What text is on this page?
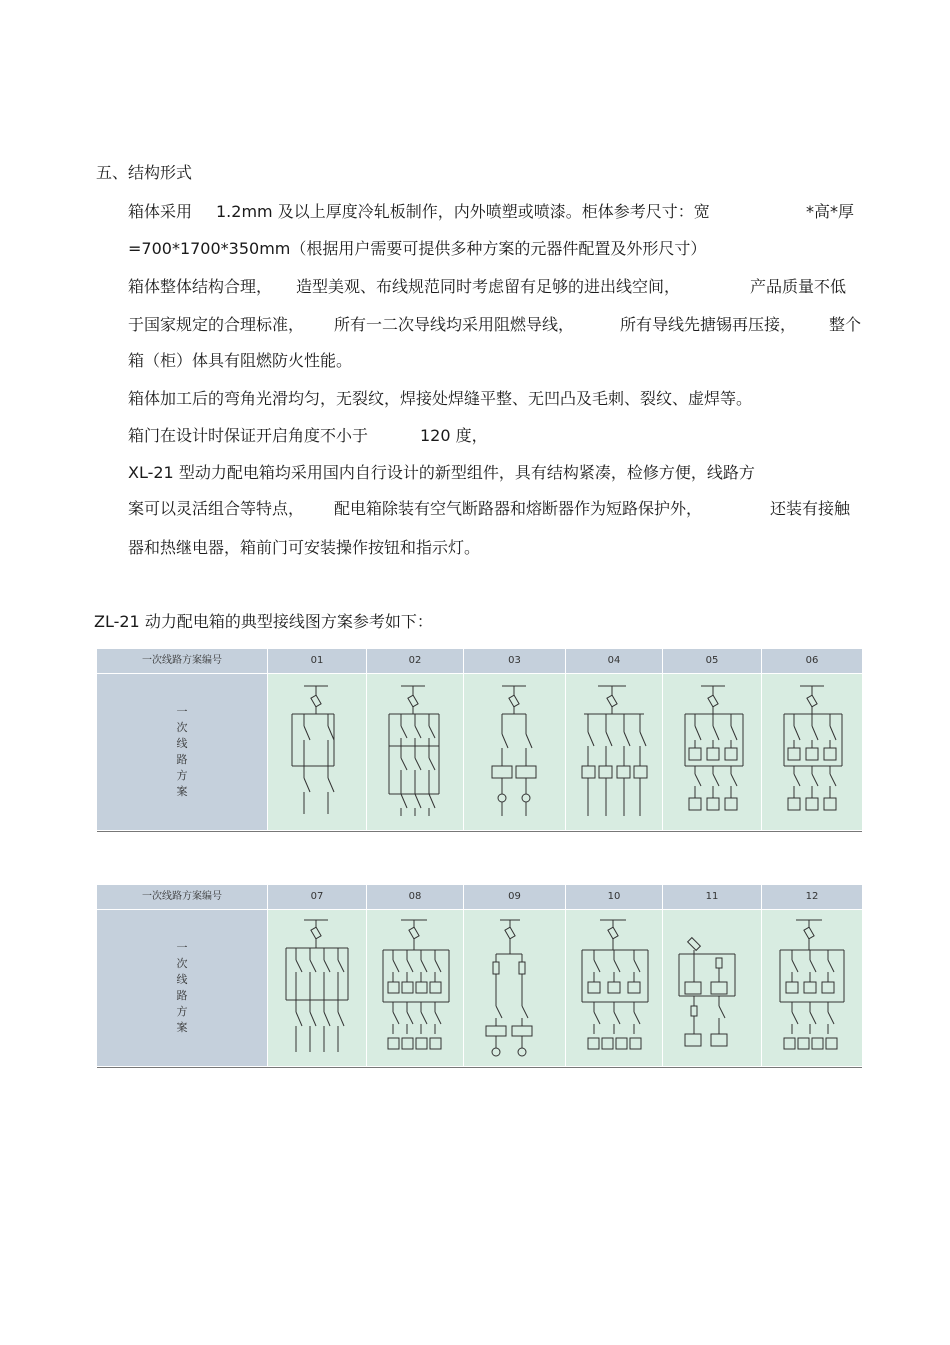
五、结构形式
箱体采用 1.2mm 及以上厚度冷轧板制作，内外喷塑或喷漆。柜体参考尺寸：宽	*高*厚
=700*1700*350mm（根据用户需要可提供多种方案的元器件配置及外形尺寸）
箱体整体结构合理， 造型美观、布线规范同时考虑留有足够的进出线空间，	产品质量不低
于国家规定的合理标准， 所有一二次导线均采用阻燃导线，	所有导线先搪锡再压接， 整个
箱（柜）体具有阻燃防火性能。
箱体加工后的弯角光滑均匀，无裂纹，焊接处焊缝平整、无凹凸及毛刺、裂纹、虚焊等。
箱门在设计时保证开启角度不小于	120 度，
XL-21 型动力配电箱均采用国内自行设计的新型组件，具有结构紧凑，检修方便，线路方
案可以灵活组合等特点， 配电箱除装有空气断路器和熔断器作为短路保护外，	还装有接触
器和热继电器，箱前门可安装操作按钮和指示灯。
ZL-21 动力配电箱的典型接线图方案参考如下：
一次线路方案编号	01	02	03	04	05	06
一次线路方案
一次线路方案编号	07	08	09	10	11	12
一次线路方案
